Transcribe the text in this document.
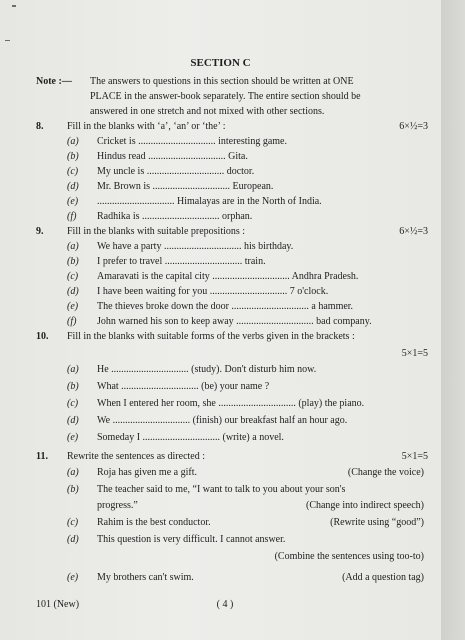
SECTION C
Note :— The answers to questions in this section should be written at ONE
PLACE in the answer-book separately. The entire section should be
answered in one stretch and not mixed with other sections.
8. Fill in the blanks with ‘a’, ‘an’ or ‘the’ :	6×½=3
(a) Cricket is ............................... interesting game.
(b) Hindus read ............................... Gita.
(c) My uncle is ............................... doctor.
(d) Mr. Brown is ............................... European.
(e) ............................... Himalayas are in the North of India.
(f) Radhika is ............................... orphan.
9. Fill in the blanks with suitable prepositions :	6×½=3
(a) We have a party ............................... his birthday.
(b) I prefer to travel ............................... train.
(c) Amaravati is the capital city ............................... Andhra Pradesh.
(d) I have been waiting for you ............................... 7 o'clock.
(e) The thieves broke down the door ............................... a hammer.
(f) John warned his son to keep away ............................... bad company.
10. Fill in the blanks with suitable forms of the verbs given in the brackets :
5×1=5
(a) He ............................... (study). Don't disturb him now.
(b) What ............................... (be) your name ?
(c) When I entered her room, she ............................... (play) the piano.
(d) We ............................... (finish) our breakfast half an hour ago.
(e) Someday I ............................... (write) a novel.
11. Rewrite the sentences as directed :	5×1=5
(a) Roja has given me a gift.	(Change the voice)
(b) The teacher said to me, “I want to talk to you about your son's
progress.”	(Change into indirect speech)
(c) Rahim is the best conductor.	(Rewrite using “good”)
(d) This question is very difficult. I cannot answer.
(Combine the sentences using too-to)
(e) My brothers can't swim.	(Add a question tag)
101 (New)	( 4 )
